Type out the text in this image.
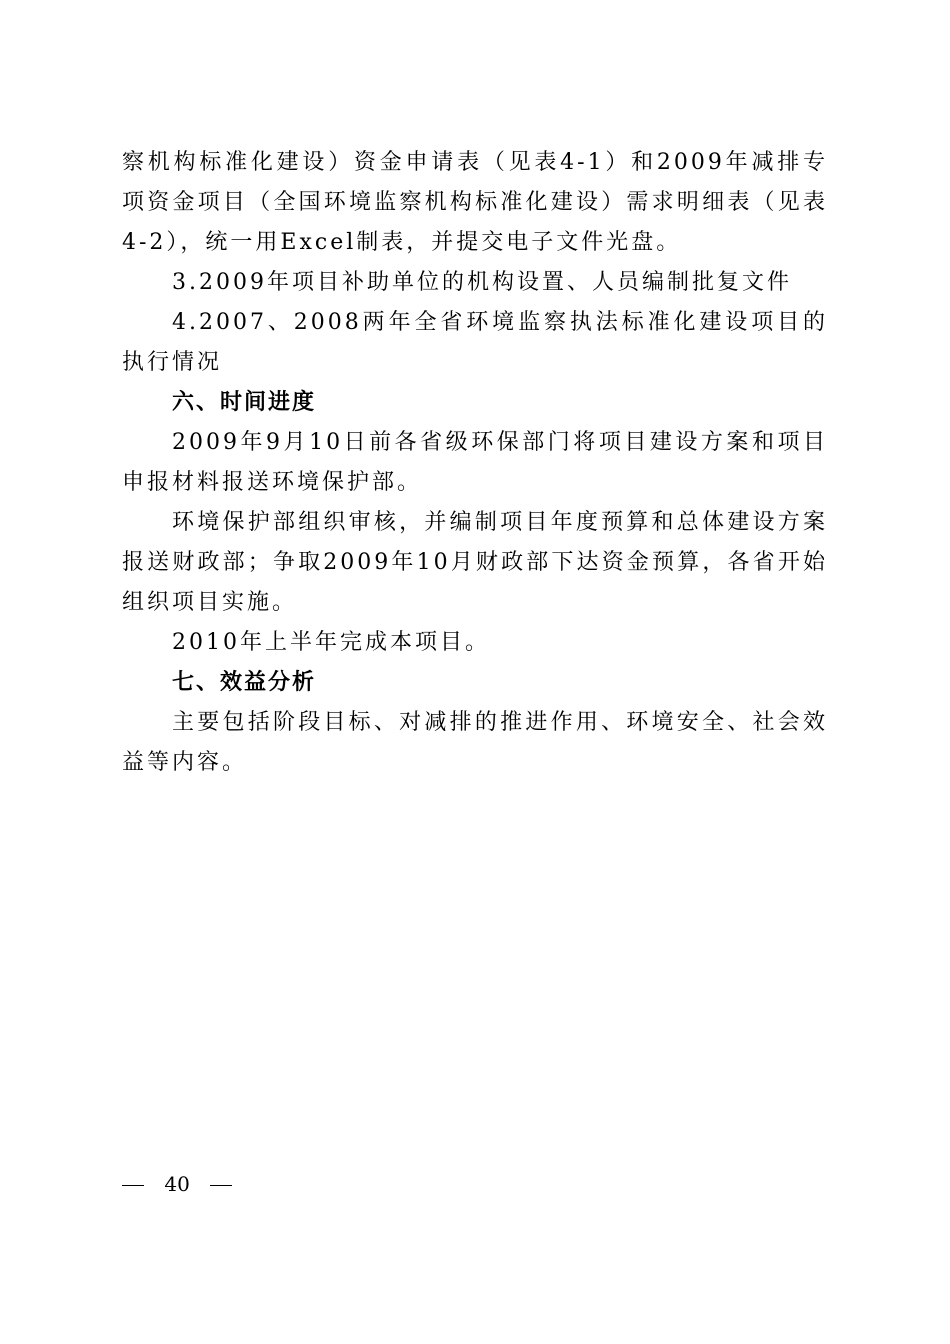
察机构标准化建设）资金申请表（见表4-1）和2009年减排专项资金项目（全国环境监察机构标准化建设）需求明细表（见表4-2），统一用Excel制表，并提交电子文件光盘。

3.2009年项目补助单位的机构设置、人员编制批复文件

4.2007、2008两年全省环境监察执法标准化建设项目的执行情况

六、时间进度

2009年9月10日前各省级环保部门将项目建设方案和项目申报材料报送环境保护部。

环境保护部组织审核，并编制项目年度预算和总体建设方案报送财政部；争取2009年10月财政部下达资金预算，各省开始组织项目实施。

2010年上半年完成本项目。

七、效益分析

主要包括阶段目标、对减排的推进作用、环境安全、社会效益等内容。

40
